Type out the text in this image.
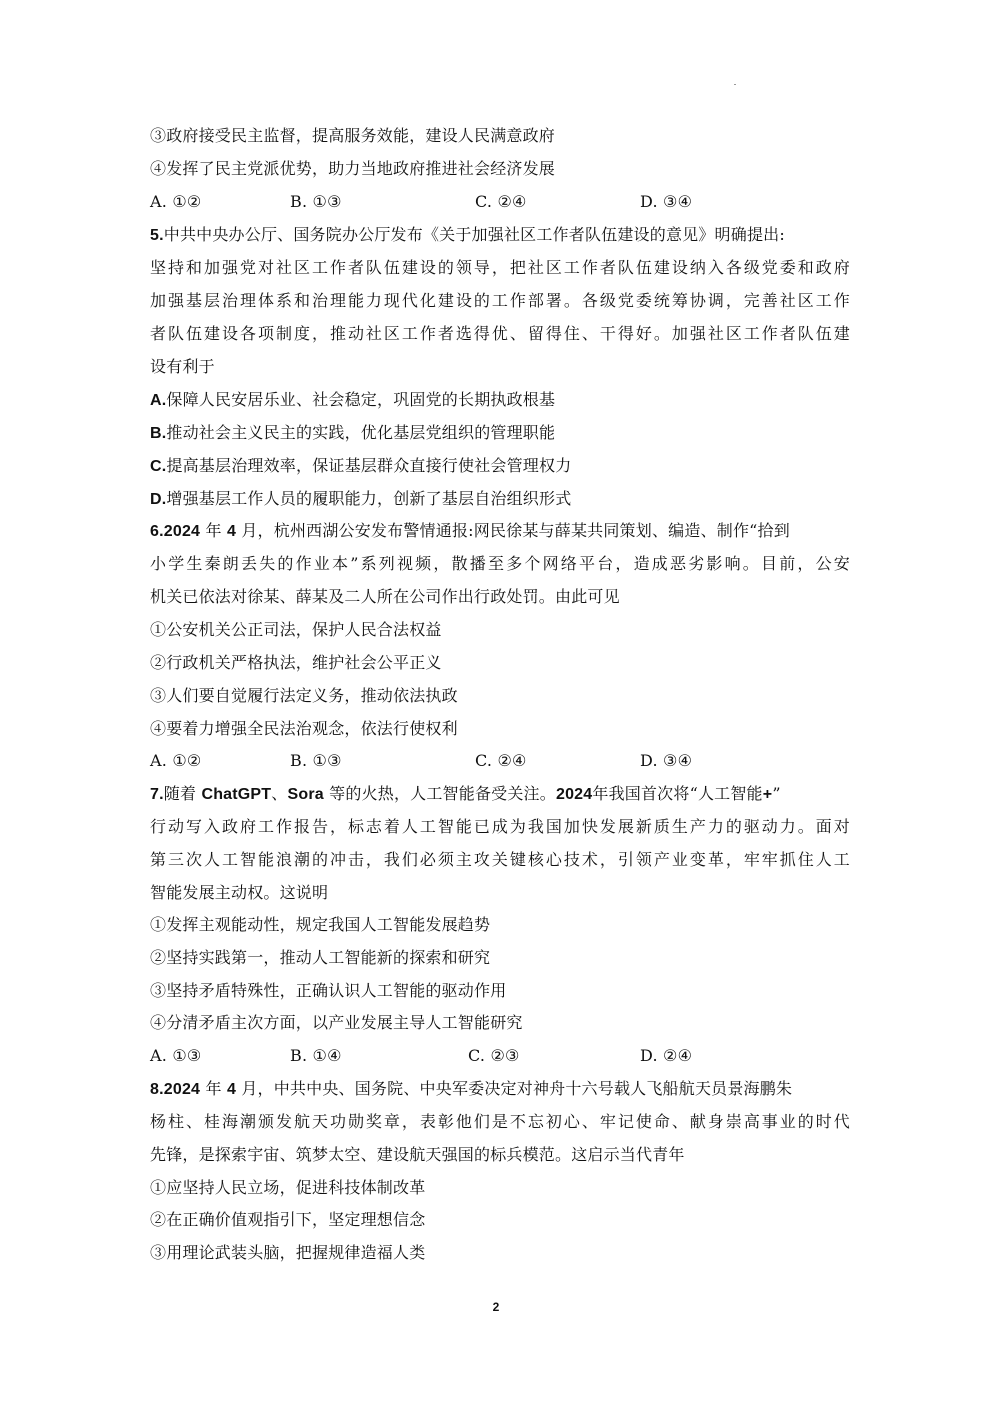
③政府接受民主监督，提高服务效能，建设人民满意政府
④发挥了民主党派优势，助力当地政府推进社会经济发展
A. ①②	B. ①③	C. ②④	D. ③④
5.中共中央办公厅、国务院办公厅发布《关于加强社区工作者队伍建设的意见》明确提出:
坚持和加强党对社区工作者队伍建设的领导，把社区工作者队伍建设纳入各级党委和政府
加强基层治理体系和治理能力现代化建设的工作部署。各级党委统筹协调，完善社区工作
者队伍建设各项制度，推动社区工作者选得优、留得住、干得好。加强社区工作者队伍建
设有利于
A.保障人民安居乐业、社会稳定，巩固党的长期执政根基
B.推动社会主义民主的实践，优化基层党组织的管理职能
C.提高基层治理效率，保证基层群众直接行使社会管理权力
D.增强基层工作人员的履职能力，创新了基层自治组织形式
6.2024 年 4 月，杭州西湖公安发布警情通报:网民徐某与薛某共同策划、编造、制作“拾到
小学生秦朗丢失的作业本”系列视频，散播至多个网络平台，造成恶劣影响。目前，公安
机关已依法对徐某、薛某及二人所在公司作出行政处罚。由此可见
①公安机关公正司法，保护人民合法权益
②行政机关严格执法，维护社会公平正义
③人们要自觉履行法定义务，推动依法执政
④要着力增强全民法治观念，依法行使权利
A. ①②	B. ①③	C. ②④	D. ③④
7.随着 ChatGPT、Sora 等的火热，人工智能备受关注。2024年我国首次将“人工智能+”
行动写入政府工作报告，标志着人工智能已成为我国加快发展新质生产力的驱动力。面对
第三次人工智能浪潮的冲击，我们必须主攻关键核心技术，引领产业变革，牢牢抓住人工
智能发展主动权。这说明
①发挥主观能动性，规定我国人工智能发展趋势
②坚持实践第一，推动人工智能新的探索和研究
③坚持矛盾特殊性，正确认识人工智能的驱动作用
④分清矛盾主次方面，以产业发展主导人工智能研究
A. ①③	B. ①④	C. ②③	D. ②④
8.2024 年 4 月，中共中央、国务院、中央军委决定对神舟十六号载人飞船航天员景海鹏朱
杨柱、桂海潮颁发航天功勋奖章，表彰他们是不忘初心、牢记使命、献身崇高事业的时代
先锋，是探索宇宙、筑梦太空、建设航天强国的标兵模范。这启示当代青年
①应坚持人民立场，促进科技体制改革
②在正确价值观指引下，坚定理想信念
③用理论武装头脑，把握规律造福人类
2
